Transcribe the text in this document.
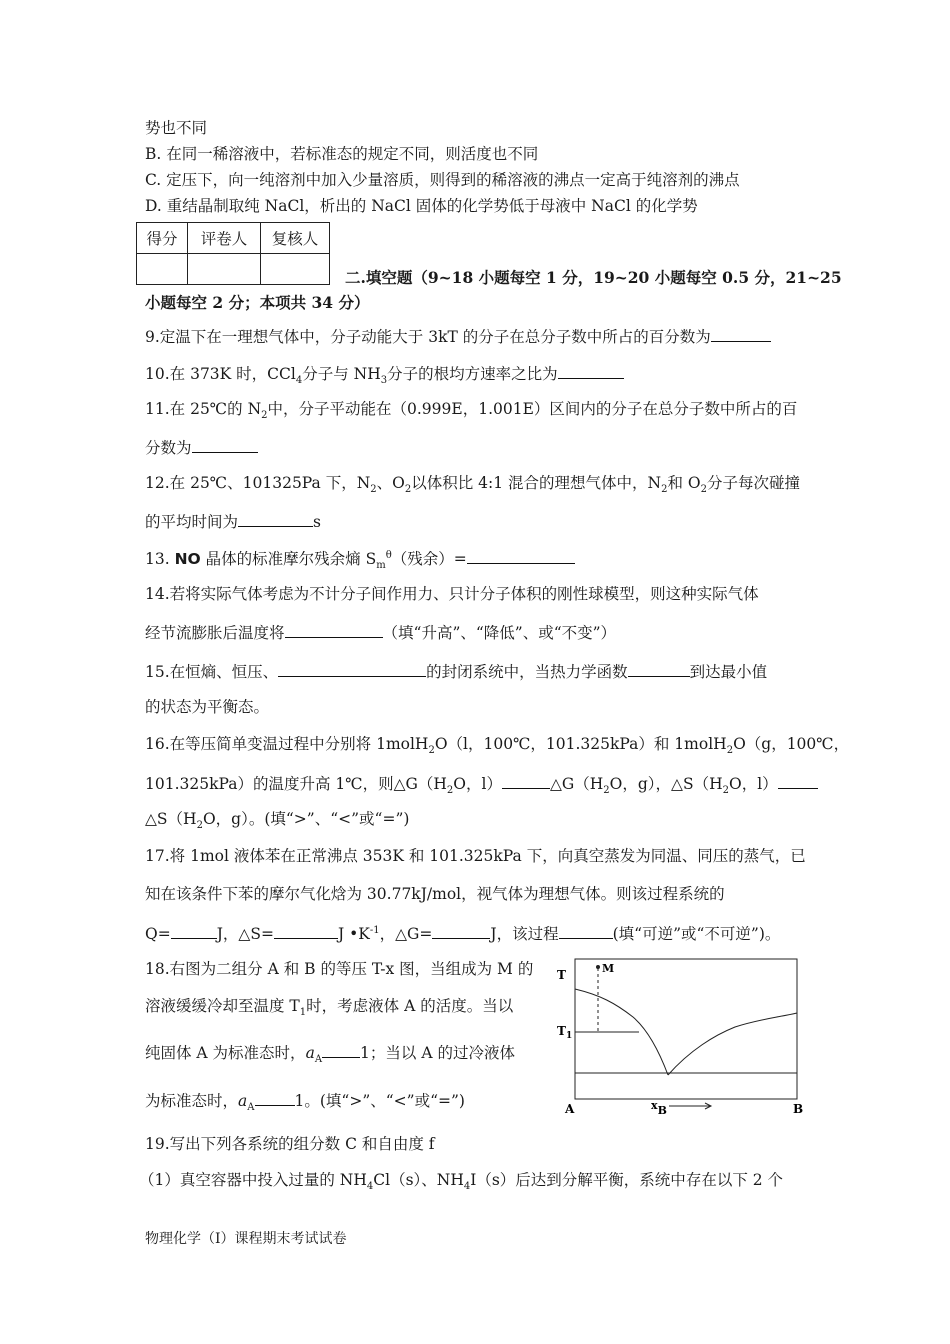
势也不同
B. 在同一稀溶液中，若标准态的规定不同，则活度也不同
C. 定压下，向一纯溶剂中加入少量溶质，则得到的稀溶液的沸点一定高于纯溶剂的沸点
D. 重结晶制取纯 NaCl，析出的 NaCl 固体的化学势低于母液中 NaCl 的化学势
得分	评卷人	复核人

二.填空题（9~18 小题每空 1 分，19~20 小题每空 0.5 分，21~25
小题每空 2 分；本项共 34 分）
9.定温下在一理想气体中，分子动能大于 3kT 的分子在总分子数中所占的百分数为
10.在 373K 时，CCl$_4$分子与 $NH_3$分子的根均方速率之比为
11.在 25℃的 $N_2$中，分子平动能在（0.999E，1.001E）区间内的分子在总分子数中所占的百
分数为
12.在 25℃、101325Pa 下，$N_2$、$O_2$以体积比 4:1 混合的理想气体中，$N_2$和 $O_2$分子每次碰撞
的平均时间为	s
13. NO 晶体的标准摩尔残余熵 $S_m^\theta$（残余）=
14.若将实际气体考虑为不计分子间作用力、只计分子体积的刚性球模型，则这种实际气体
经节流膨胀后温度将	（填“升高”、“降低”、或“不变”）
15.在恒熵、恒压、	的封闭系统中，当热力学函数	到达最小值
的状态为平衡态。
16.在等压简单变温过程中分别将 1molH$_2$O（l，100℃，101.325kPa）和 1molH$_2$O（g，100℃，
101.325kPa）的温度升高 1℃，则$\triangle G(H_2O$，l）	$\triangle G(H_2O$，g），$\triangle S(H_2O$，l）
$\triangle S(H_2O$，g）。(填“>”、“<”或“=”)
17.将 1mol 液体苯在正常沸点 353K 和 101.325kPa 下，向真空蒸发为同温、同压的蒸气，已
知在该条件下苯的摩尔气化焓为 30.77kJ/mol，视气体为理想气体。则该过程系统的
Q=	J，△S=	J $•K^{-1}$，△G=	J，该过程	(填“可逆”或“不可逆”)。
18.右图为二组分 A 和 B 的等压 T-x 图，当组成为 M 的
溶液缓缓冷却至温度 $T_1$时，考虑液体 A 的活度。当以
纯固体 A 为标准态时，$a_A$ 1；当以 A 的过冷液体
为标准态时，$a_A$	1。(填“>”、“<”或“=”)
M
T
$T_1$
A	B
xB
19.写出下列各系统的组分数 C 和自由度 f
（1）真空容器中投入过量的 $NH_4Cl(s)$、$NH_4I(s)$后达到分解平衡，系统中存在以下 2 个
物理化学（Ⅰ）课程期末考试试卷
